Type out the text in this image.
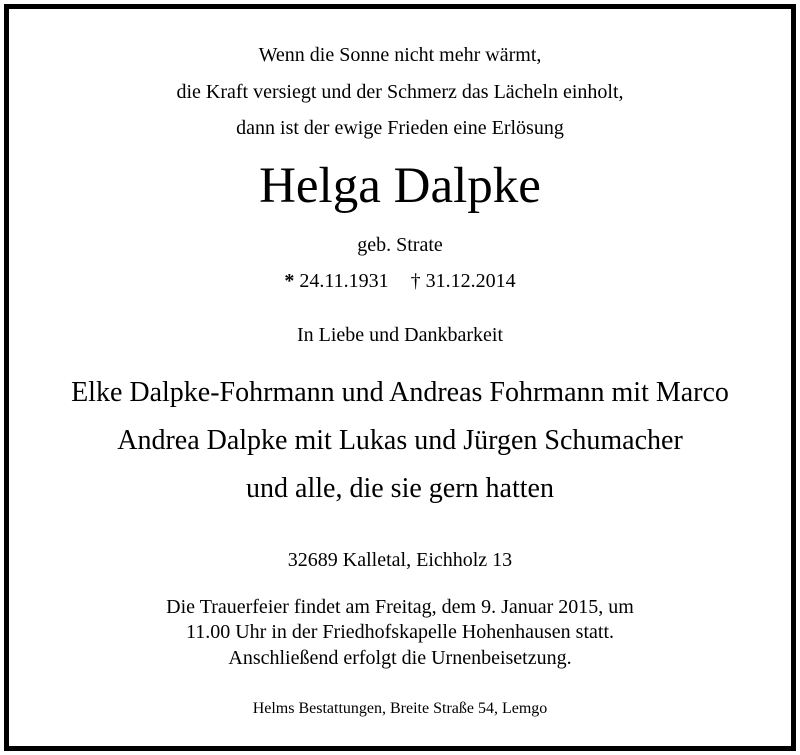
Wenn die Sonne nicht mehr wärmt,
die Kraft versiegt und der Schmerz das Lächeln einholt,
dann ist der ewige Frieden eine Erlösung
Helga Dalpke
geb. Strate
* 24.11.1931 † 31.12.2014
In Liebe und Dankbarkeit
Elke Dalpke-Fohrmann und Andreas Fohrmann mit Marco
Andrea Dalpke mit Lukas und Jürgen Schumacher
und alle, die sie gern hatten
32689 Kalletal, Eichholz 13
Die Trauerfeier findet am Freitag, dem 9. Januar 2015, um
11.00 Uhr in der Friedhofskapelle Hohenhausen statt.
Anschließend erfolgt die Urnenbeisetzung.
Helms Bestattungen, Breite Straße 54, Lemgo
